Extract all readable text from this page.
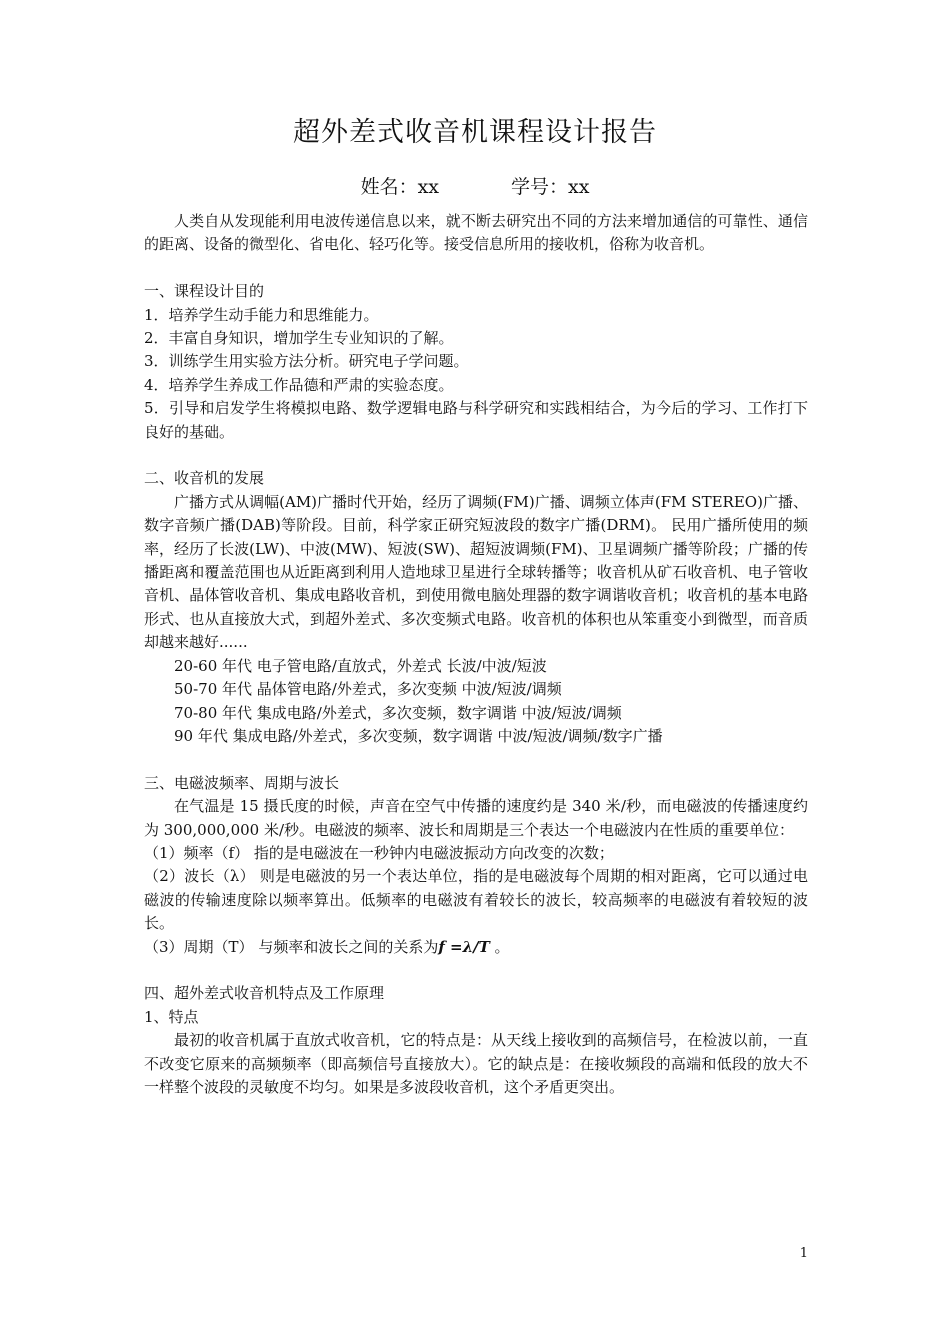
超外差式收音机课程设计报告
姓名：xx	学号：xx

人类自从发现能利用电波传递信息以来，就不断去研究出不同的方法来增加通信的可靠性、通信的距离、设备的微型化、省电化、轻巧化等。接受信息所用的接收机，俗称为收音机。

一、课程设计目的

1．培养学生动手能力和思维能力。

2．丰富自身知识，增加学生专业知识的了解。

3．训练学生用实验方法分析。研究电子学问题。

4．培养学生养成工作品德和严肃的实验态度。

5．引导和启发学生将模拟电路、数学逻辑电路与科学研究和实践相结合，为今后的学习、工作打下良好的基础。

二、收音机的发展

广播方式从调幅(AM)广播时代开始，经历了调频(FM)广播、调频立体声(FM STEREO)广播、数字音频广播(DAB)等阶段。目前，科学家正研究短波段的数字广播(DRM)。 民用广播所使用的频率，经历了长波(LW)、中波(MW)、短波(SW)、超短波调频(FM)、卫星调频广播等阶段；广播的传播距离和覆盖范围也从近距离到利用人造地球卫星进行全球转播等；收音机从矿石收音机、电子管收音机、晶体管收音机、集成电路收音机，到使用微电脑处理器的数字调谐收音机；收音机的基本电路形式、也从直接放大式，到超外差式、多次变频式电路。收音机的体积也从笨重变小到微型，而音质却越来越好......

20-60 年代 电子管电路/直放式，外差式 长波/中波/短波

50-70 年代 晶体管电路/外差式，多次变频 中波/短波/调频

70-80 年代 集成电路/外差式，多次变频，数字调谐 中波/短波/调频

90 年代 集成电路/外差式，多次变频，数字调谐 中波/短波/调频/数字广播

三、电磁波频率、周期与波长

在气温是 15 摄氏度的时候，声音在空气中传播的速度约是 340 米/秒，而电磁波的传播速度约为 300,000,000 米/秒。电磁波的频率、波长和周期是三个表达一个电磁波内在性质的重要单位：

（1）频率（f） 指的是电磁波在一秒钟内电磁波振动方向改变的次数；

（2）波长（λ） 则是电磁波的另一个表达单位，指的是电磁波每个周期的相对距离，它可以通过电磁波的传输速度除以频率算出。低频率的电磁波有着较长的波长，较高频率的电磁波有着较短的波长。

（3）周期（T） 与频率和波长之间的关系为f =λ/T 。

四、超外差式收音机特点及工作原理

1、特点

最初的收音机属于直放式收音机，它的特点是：从天线上接收到的高频信号，在检波以前，一直不改变它原来的高频频率（即高频信号直接放大）。它的缺点是：在接收频段的高端和低段的放大不一样整个波段的灵敏度不均匀。如果是多波段收音机，这个矛盾更突出。

1
